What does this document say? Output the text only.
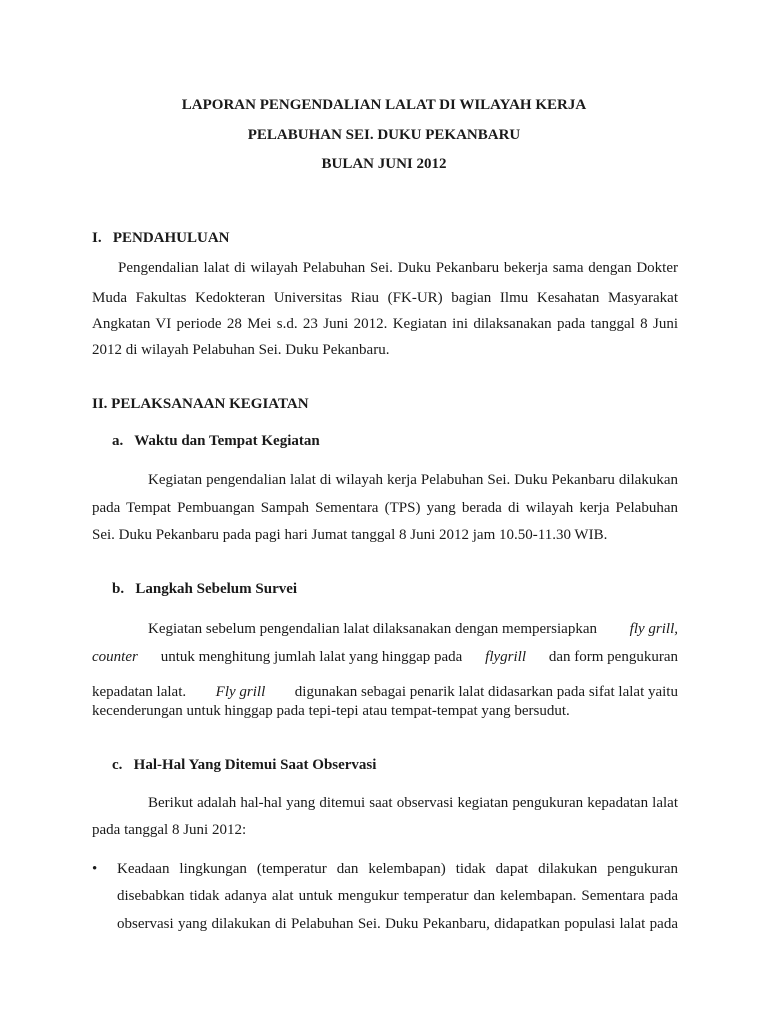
LAPORAN PENGENDALIAN LALAT DI WILAYAH KERJA
PELABUHAN SEI. DUKU PEKANBARU
BULAN JUNI 2012
I.   PENDAHULUAN
Pengendalian lalat di wilayah Pelabuhan Sei. Duku Pekanbaru bekerja sama dengan Dokter
Muda Fakultas Kedokteran Universitas Riau (FK-UR) bagian Ilmu Kesahatan Masyarakat
Angkatan VI periode 28 Mei s.d. 23 Juni 2012. Kegiatan ini dilaksanakan pada tanggal 8 Juni
2012 di wilayah Pelabuhan Sei. Duku Pekanbaru.
II. PELAKSANAAN KEGIATAN
a.   Waktu dan Tempat Kegiatan
Kegiatan pengendalian lalat di wilayah kerja Pelabuhan Sei. Duku Pekanbaru dilakukan
pada Tempat Pembuangan Sampah Sementara (TPS) yang berada di wilayah kerja Pelabuhan
Sei. Duku Pekanbaru pada pagi hari Jumat tanggal 8 Juni 2012 jam 10.50-11.30 WIB.
b.   Langkah Sebelum Survei
Kegiatan sebelum pengendalian lalat dilaksanakan dengan mempersiapkan fly grill,
counter untuk menghitung jumlah lalat yang hinggap pada flygrill dan form pengukuran
kepadatan lalat. Fly grill digunakan sebagai penarik lalat didasarkan pada sifat lalat yaitu
kecenderungan untuk hinggap pada tepi-tepi atau tempat-tempat yang bersudut.
c.   Hal-Hal Yang Ditemui Saat Observasi
Berikut adalah hal-hal yang ditemui saat observasi kegiatan pengukuran kepadatan lalat
pada tanggal 8 Juni 2012:
• Keadaan lingkungan (temperatur dan kelembapan) tidak dapat dilakukan pengukuran
disebabkan tidak adanya alat untuk mengukur temperatur dan kelembapan. Sementara pada
observasi yang dilakukan di Pelabuhan Sei. Duku Pekanbaru, didapatkan populasi lalat pada
